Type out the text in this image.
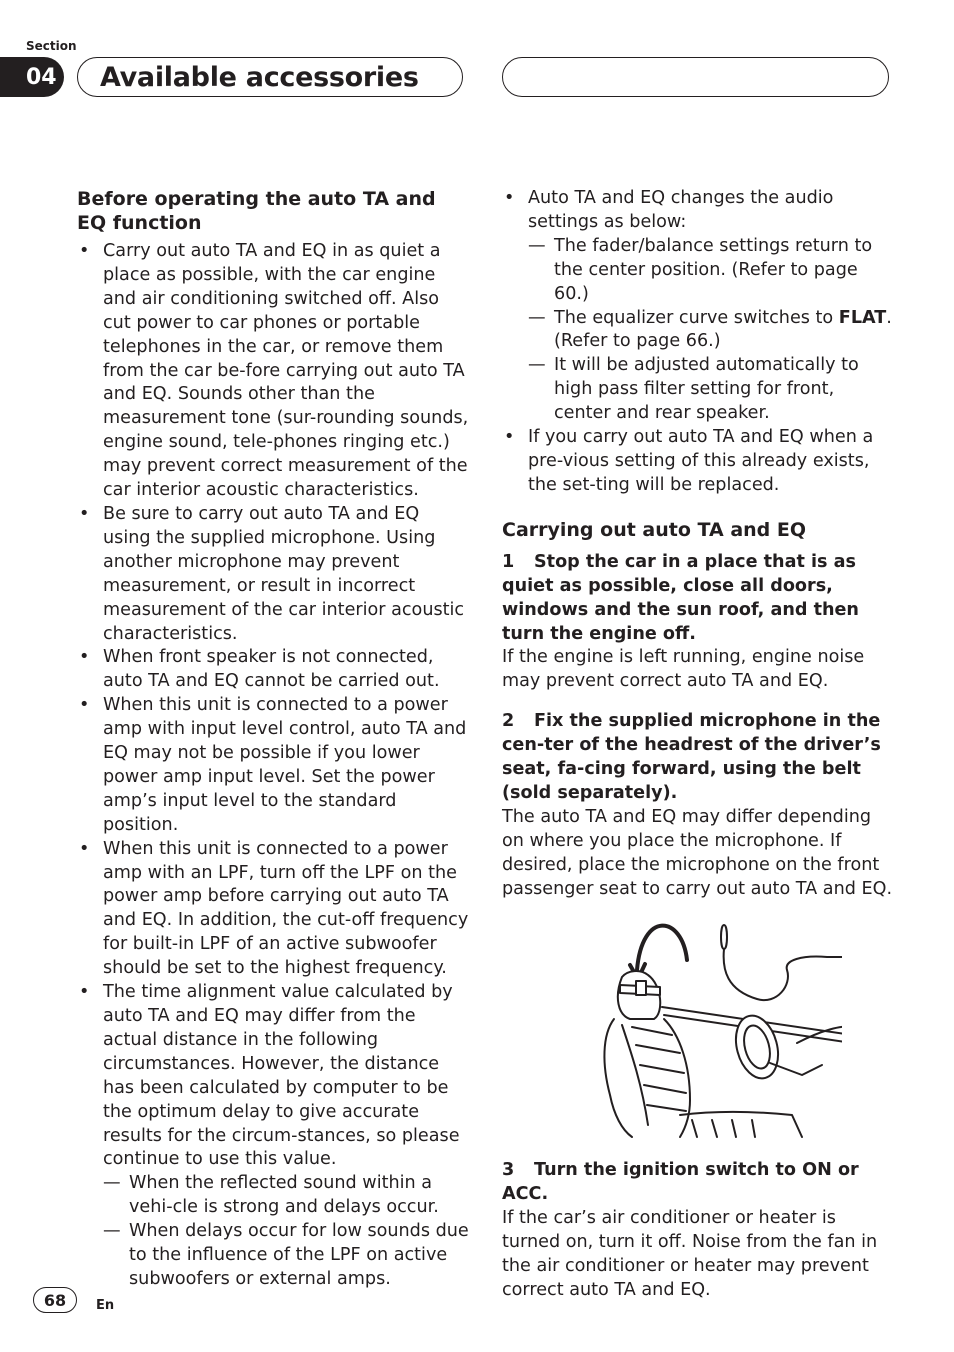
Section
04 Available accessories
Before operating the auto TA and EQ function
• Carry out auto TA and EQ in as quiet a place as possible, with the car engine and air conditioning switched off. Also cut power to car phones or portable telephones in the car, or remove them from the car be-fore carrying out auto TA and EQ. Sounds other than the measurement tone (sur-rounding sounds, engine sound, tele-phones ringing etc.) may prevent correct measurement of the car interior acoustic characteristics.
• Be sure to carry out auto TA and EQ using the supplied microphone. Using another microphone may prevent measurement, or result in incorrect measurement of the car interior acoustic characteristics.
• When front speaker is not connected, auto TA and EQ cannot be carried out.
• When this unit is connected to a power amp with input level control, auto TA and EQ may not be possible if you lower power amp input level. Set the power amp’s input level to the standard position.
• When this unit is connected to a power amp with an LPF, turn off the LPF on the power amp before carrying out auto TA and EQ. In addition, the cut-off frequency for built-in LPF of an active subwoofer should be set to the highest frequency.
• The time alignment value calculated by auto TA and EQ may differ from the actual distance in the following circumstances. However, the distance has been calculated by computer to be the optimum delay to give accurate results for the circum-stances, so please continue to use this value.
— When the reflected sound within a vehi-cle is strong and delays occur.
— When delays occur for low sounds due to the influence of the LPF on active subwoofers or external amps.
• Auto TA and EQ changes the audio settings as below:
— The fader/balance settings return to the center position. (Refer to page 60.)
— The equalizer curve switches to FLAT. (Refer to page 66.)
— It will be adjusted automatically to high pass filter setting for front, center and rear speaker.
• If you carry out auto TA and EQ when a pre-vious setting of this already exists, the set-ting will be replaced.
Carrying out auto TA and EQ

1 Stop the car in a place that is as quiet as possible, close all doors, windows and the sun roof, and then turn the engine off.

If the engine is left running, engine noise may prevent correct auto TA and EQ.

2 Fix the supplied microphone in the cen-ter of the headrest of the driver’s seat, fa-cing forward, using the belt (sold separately).

The auto TA and EQ may differ depending on where you place the microphone. If desired, place the microphone on the front passenger seat to carry out auto TA and EQ.

3 Turn the ignition switch to ON or ACC.

If the car’s air conditioner or heater is turned on, turn it off. Noise from the fan in the air conditioner or heater may prevent correct auto TA and EQ.

68	En
